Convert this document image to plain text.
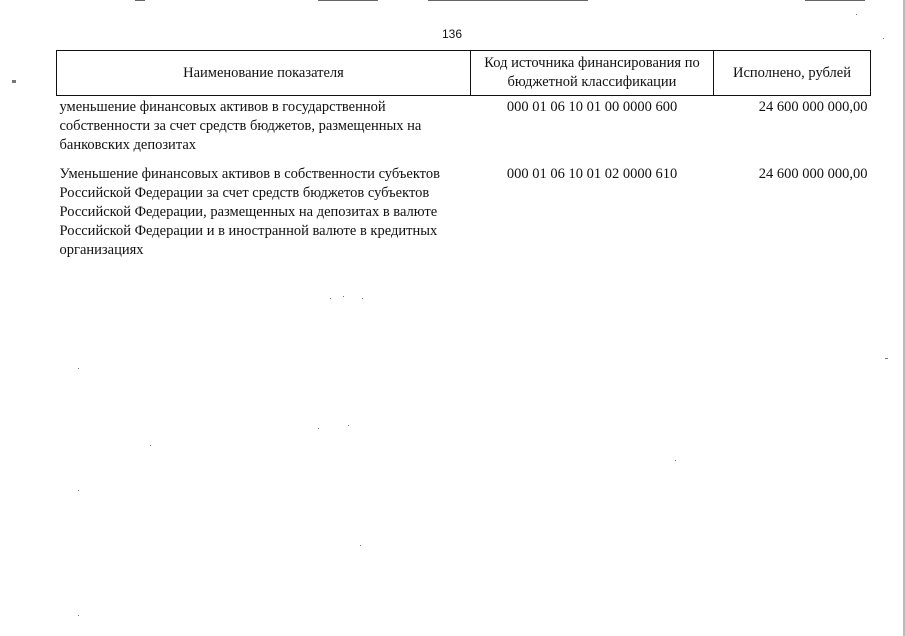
136
Наименование показателя	Код источника финансирования по бюджетной классификации	Исполнено, рублей
уменьшение финансовых активов в государственной собственности за счет средств бюджетов, размещенных на банковских депозитах	000 01 06 10 01 00 0000 600	24 600 000 000,00
Уменьшение финансовых активов в собственности субъектов Российской Федерации за счет средств бюджетов субъектов Российской Федерации, размещенных на депозитах в валюте Российской Федерации и в иностранной валюте в кредитных организациях	000 01 06 10 01 02 0000 610	24 600 000 000,00
